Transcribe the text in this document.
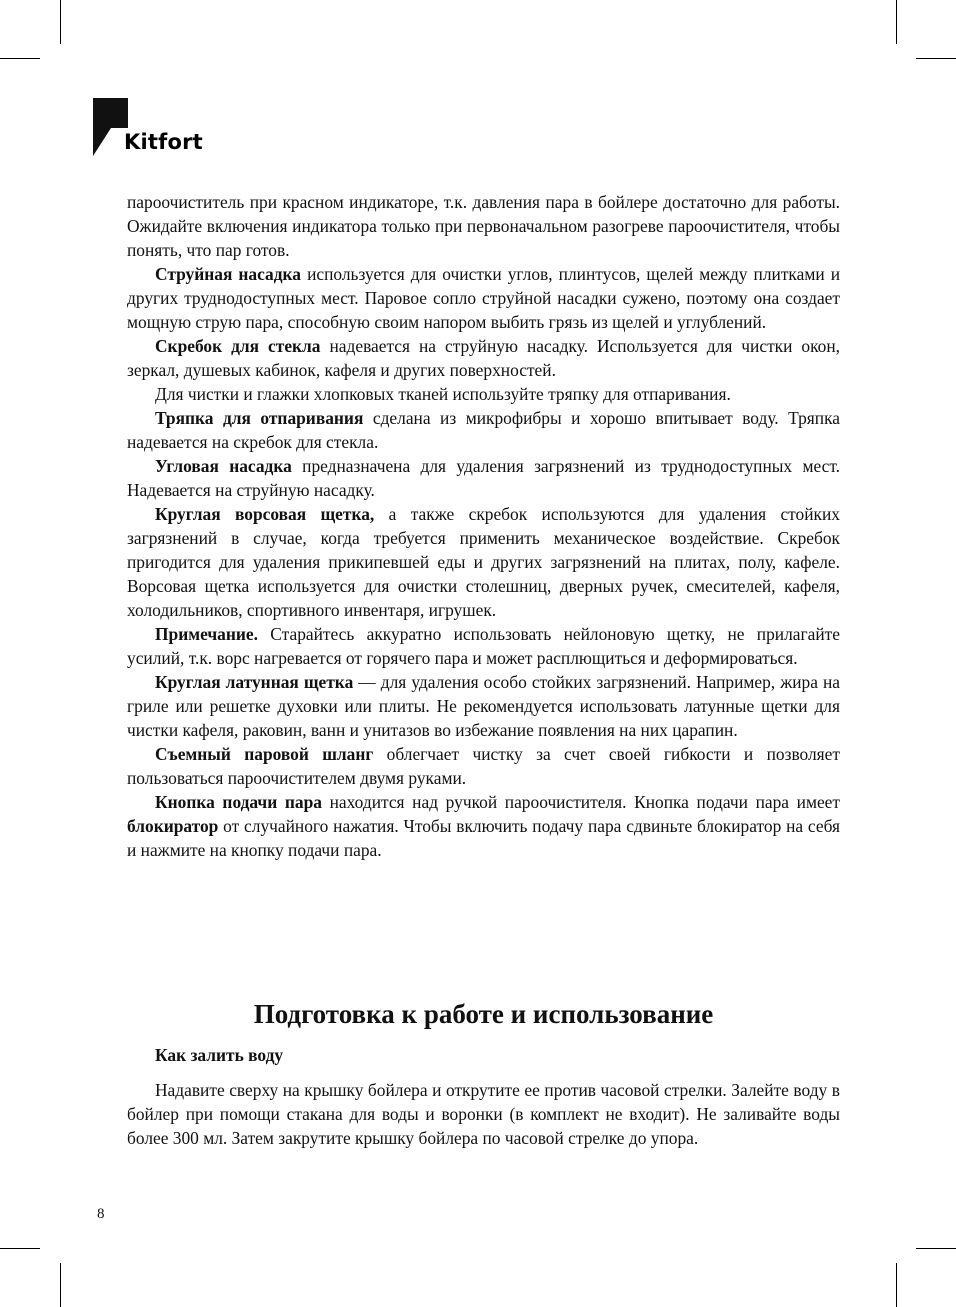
Kitfort

пароочиститель при красном индикаторе, т.к. давления пара в бойлере достаточно для работы. Ожидайте включения индикатора только при первоначальном разогреве пароочистителя, чтобы понять, что пар готов.

Струйная насадка используется для очистки углов, плинтусов, щелей между плитками и других труднодоступных мест. Паровое сопло струйной насадки сужено, поэтому она создает мощную струю пара, способную своим напором выбить грязь из щелей и углублений.

Скребок для стекла надевается на струйную насадку. Используется для чистки окон, зеркал, душевых кабинок, кафеля и других поверхностей.

Для чистки и глажки хлопковых тканей используйте тряпку для отпаривания.

Тряпка для отпаривания сделана из микрофибры и хорошо впитывает воду. Тряпка надевается на скребок для стекла.

Угловая насадка предназначена для удаления загрязнений из труднодоступных мест. Надевается на струйную насадку.

Круглая ворсовая щетка, а также скребок используются для удаления стойких загрязнений в случае, когда требуется применить механическое воздействие. Скребок пригодится для удаления прикипевшей еды и других загрязнений на плитах, полу, кафеле. Ворсовая щетка используется для очистки столешниц, дверных ручек, смесителей, кафеля, холодильников, спортивного инвентаря, игрушек.

Примечание. Старайтесь аккуратно использовать нейлоновую щетку, не прилагайте усилий, т.к. ворс нагревается от горячего пара и может расплющиться и деформироваться.

Круглая латунная щетка — для удаления особо стойких загрязнений. Например, жира на гриле или решетке духовки или плиты. Не рекомендуется использовать латунные щетки для чистки кафеля, раковин, ванн и унитазов во избежание появления на них царапин.

Съемный паровой шланг облегчает чистку за счет своей гибкости и позволяет пользоваться пароочистителем двумя руками.

Кнопка подачи пара находится над ручкой пароочистителя. Кнопка подачи пара имеет блокиратор от случайного нажатия. Чтобы включить подачу пара сдвиньте блокиратор на себя и нажмите на кнопку подачи пара.

Подготовка к работе и использование
Как залить воду

Надавите сверху на крышку бойлера и открутите ее против часовой стрелки. Залейте воду в бойлер при помощи стакана для воды и воронки (в комплект не входит). Не заливайте воды более 300 мл. Затем закрутите крышку бойлера по часовой стрелке до упора.

8
